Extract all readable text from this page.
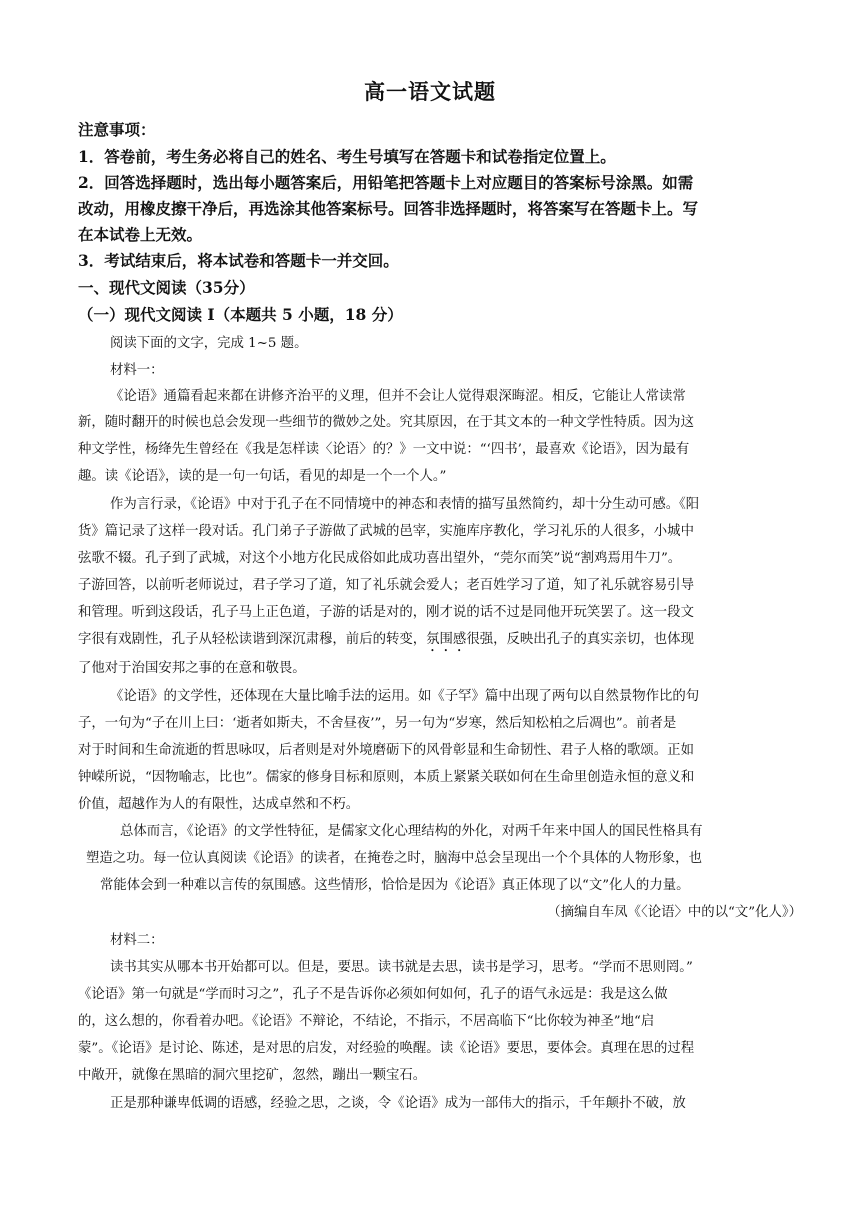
高一语文试题
注意事项：
1．答卷前，考生务必将自己的姓名、考生号填写在答题卡和试卷指定位置上。
2．回答选择题时，选出每小题答案后，用铅笔把答题卡上对应题目的答案标号涂黑。如需
改动，用橡皮擦干净后，再选涂其他答案标号。回答非选择题时，将答案写在答题卡上。写
在本试卷上无效。
3．考试结束后，将本试卷和答题卡一并交回。
一、现代文阅读（35分）
（一）现代文阅读 I（本题共 5 小题，18 分）
阅读下面的文字，完成 1~5 题。
材料一：
《论语》通篇看起来都在讲修齐治平的义理，但并不会让人觉得艰深晦涩。相反，它能让人常读常
新，随时翻开的时候也总会发现一些细节的微妙之处。究其原因，在于其文本的一种文学性特质。因为这
种文学性，杨绛先生曾经在《我是怎样读〈论语〉的？》一文中说：“‘四书’，最喜欢《论语》，因为最有
趣。读《论语》，读的是一句一句话，看见的却是一个一个人。”
作为言行录，《论语》中对于孔子在不同情境中的神态和表情的描写虽然简约，却十分生动可感。《阳
货》篇记录了这样一段对话。孔门弟子子游做了武城的邑宰，实施库序教化，学习礼乐的人很多，小城中
弦歌不辍。孔子到了武城，对这个小地方化民成俗如此成功喜出望外，“莞尔而笑”说“割鸡焉用牛刀”。
子游回答，以前听老师说过，君子学习了道，知了礼乐就会爱人；老百姓学习了道，知了礼乐就容易引导
和管理。听到这段话，孔子马上正色道，子游的话是对的，刚才说的话不过是同他开玩笑罢了。这一段文
字很有戏剧性，孔子从轻松读谐到深沉肃穆，前后的转变，氛围感很强，反映出孔子的真实亲切，也体现
了他对于治国安邦之事的在意和敬畏。
《论语》的文学性，还体现在大量比喻手法的运用。如《子罕》篇中出现了两句以自然景物作比的句
子，一句为“子在川上曰：‘逝者如斯夫，不舍昼夜’”，另一句为“岁寒，然后知松柏之后凋也”。前者是
对于时间和生命流逝的哲思咏叹，后者则是对外境磨砺下的风骨彰显和生命韧性、君子人格的歌颂。正如
钟嵘所说，“因物喻志，比也”。儒家的修身目标和原则，本质上紧紧关联如何在生命里创造永恒的意义和
价值，超越作为人的有限性，达成卓然和不朽。
总体而言，《论语》的文学性特征，是儒家文化心理结构的外化，对两千年来中国人的国民性格具有
塑造之功。每一位认真阅读《论语》的读者，在掩卷之时，脑海中总会呈现出一个个具体的人物形象，也
常能体会到一种难以言传的氛围感。这些情形，恰恰是因为《论语》真正体现了以“文”化人的力量。
（摘编自车凤《〈论语〉中的以“文”化人》）
材料二：
读书其实从哪本书开始都可以。但是，要思。读书就是去思，读书是学习，思考。“学而不思则罔。”
《论语》第一句就是“学而时习之”，孔子不是告诉你必须如何如何，孔子的语气永远是：我是这么做
的，这么想的，你看着办吧。《论语》不辩论，不结论，不指示，不居高临下“比你较为神圣”地“启
蒙”。《论语》是讨论、陈述，是对思的启发，对经验的唤醒。读《论语》要思，要体会。真理在思的过程
中敞开，就像在黑暗的洞穴里挖矿，忽然，蹦出一颗宝石。
正是那种谦卑低调的语感，经验之思，之谈，令《论语》成为一部伟大的指示，千年颠扑不破，放
